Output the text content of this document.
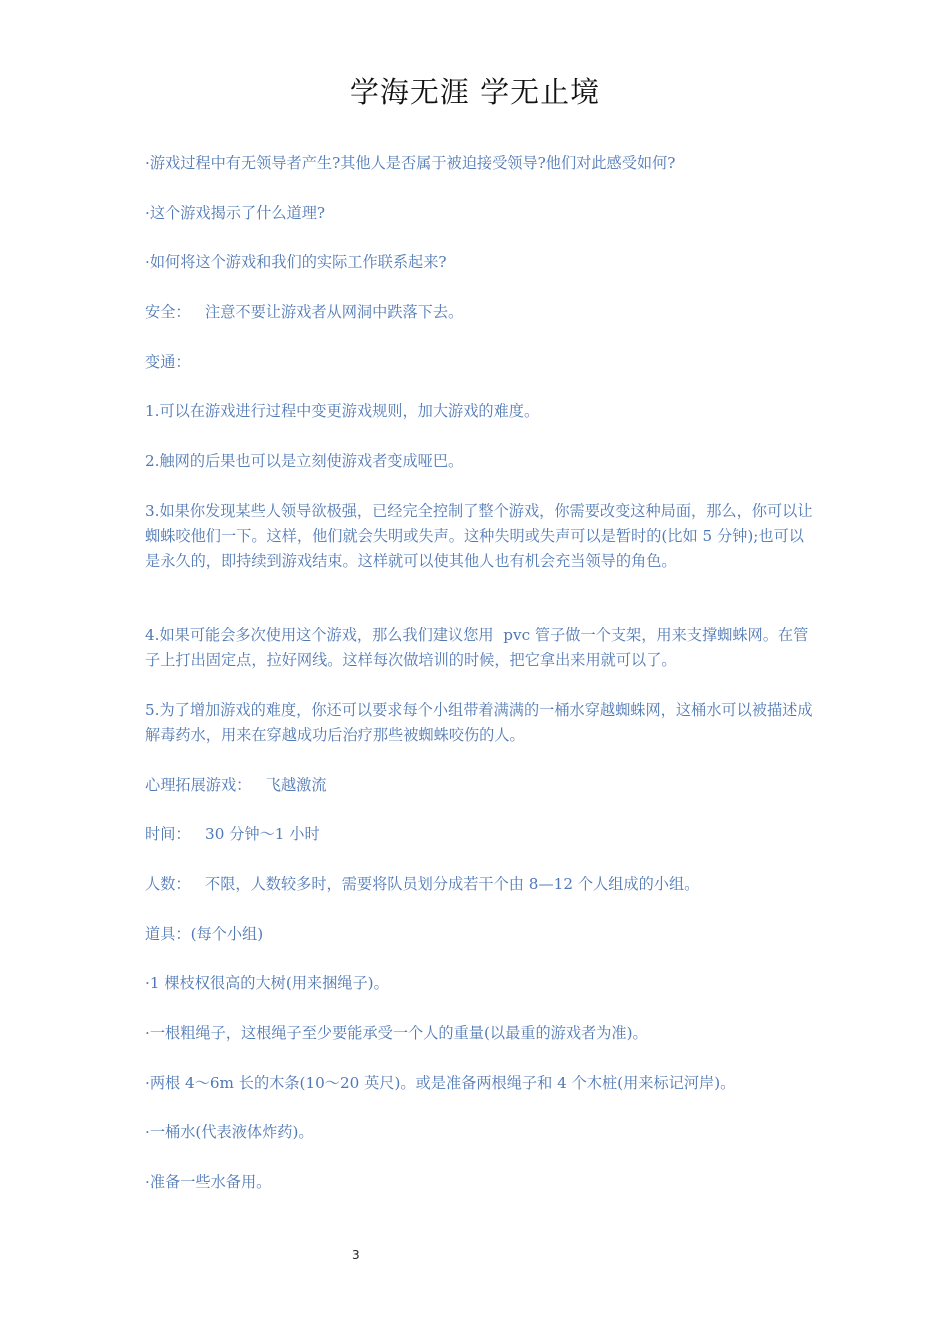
学海无涯 学无止境
·游戏过程中有无领导者产生?其他人是否属于被迫接受领导?他们对此感受如何?
·这个游戏揭示了什么道理?
·如何将这个游戏和我们的实际工作联系起来?
安全：   注意不要让游戏者从网洞中跌落下去。
变通：
1.可以在游戏进行过程中变更游戏规则，加大游戏的难度。
2.触网的后果也可以是立刻使游戏者变成哑巴。
3.如果你发现某些人领导欲极强，已经完全控制了整个游戏，你需要改变这种局面，那么，你可以让蜘蛛咬他们一下。这样，他们就会失明或失声。这种失明或失声可以是暂时的(比如 5 分钟);也可以是永久的，即持续到游戏结束。这样就可以使其他人也有机会充当领导的角色。
4.如果可能会多次使用这个游戏，那么我们建议您用  pvc 管子做一个支架，用来支撑蜘蛛网。在管子上打出固定点，拉好网线。这样每次做培训的时候，把它拿出来用就可以了。
5.为了增加游戏的难度，你还可以要求每个小组带着满满的一桶水穿越蜘蛛网，这桶水可以被描述成解毒药水，用来在穿越成功后治疗那些被蜘蛛咬伤的人。
心理拓展游戏：   飞越激流
时间：   30 分钟～1 小时
人数：   不限，人数较多时，需要将队员划分成若干个由 8—12 个人组成的小组。
道具：(每个小组)
·1 棵枝权很高的大树(用来捆绳子)。
·一根粗绳子，这根绳子至少要能承受一个人的重量(以最重的游戏者为准)。
·两根 4～6m 长的木条(10～20 英尺)。或是准备两根绳子和 4 个木桩(用来标记河岸)。
·一桶水(代表液体炸药)。
·准备一些水备用。
3
